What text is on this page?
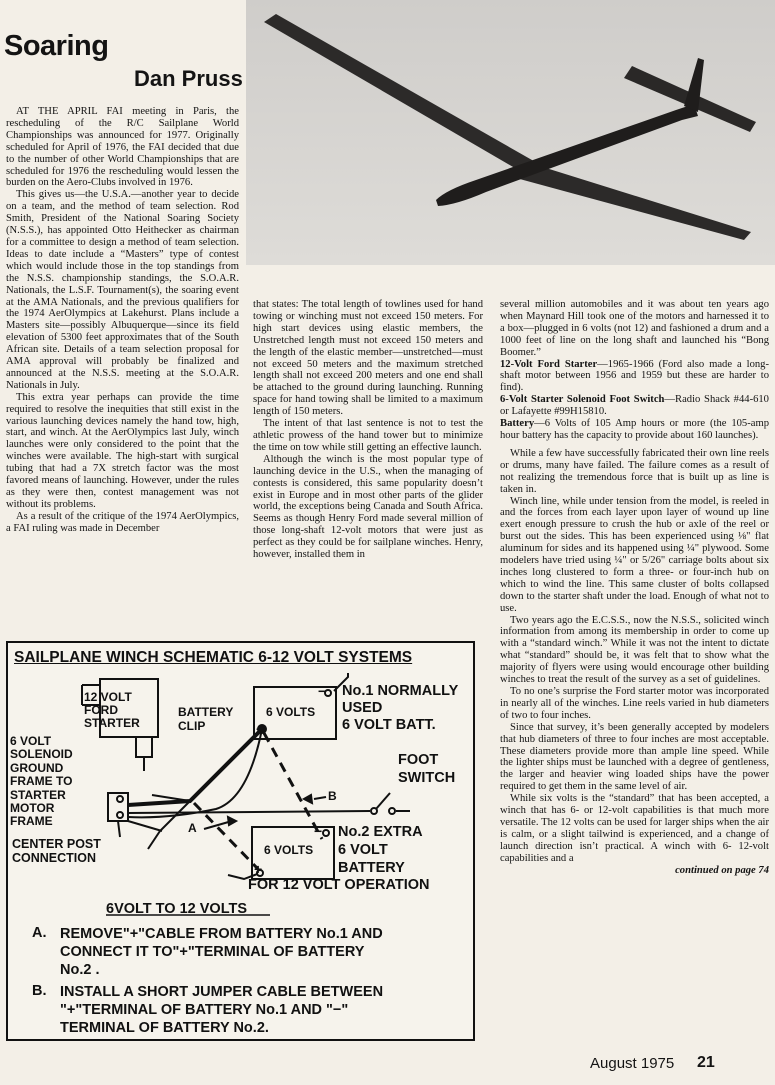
Soaring
Dan Pruss

AT THE APRIL FAI meeting in Paris, the rescheduling of the R/C Sailplane World Championships was announced for 1977. Originally scheduled for April of 1976, the FAI decided that due to the number of other World Championships that are scheduled for 1976 the rescheduling would lessen the burden on the Aero-Clubs involved in 1976.

This gives us—the U.S.A.—another year to decide on a team, and the method of team selection. Rod Smith, President of the National Soaring Society (N.S.S.), has appointed Otto Heithecker as chairman for a committee to design a method of team selection. Ideas to date include a “Masters” type of contest which would include those in the top standings from the N.S.S. championship standings, the S.O.A.R. Nationals, the L.S.F. Tournament(s), the soaring event at the AMA Nationals, and the previous qualifiers for the 1974 AerOlympics at Lakehurst. Plans include a Masters site—possibly Albuquerque—since its field elevation of 5300 feet approximates that of the South African site. Details of a team selection proposal for AMA approval will probably be finalized and announced at the N.S.S. meeting at the S.O.A.R. Nationals in July.

This extra year perhaps can provide the time required to resolve the inequities that still exist in the various launching devices namely the hand tow, high, start, and winch. At the AerOlympics last July, winch launches were only considered to the point that the winches were available. The high-start with surgical tubing that had a 7X stretch factor was the most favored means of launching. However, under the rules as they were then, contest management was not without its problems.

As a result of the critique of the 1974 AerOlympics, a FAI ruling was made in December

that states: The total length of towlines used for hand towing or winching must not exceed 150 meters. For high start devices using elastic members, the Unstretched length must not exceed 150 meters and the length of the elastic member—unstretched—must not exceed 50 meters and the maximum stretched length shall not exceed 200 meters and one end shall be attached to the ground during launching. Running space for hand towing shall be limited to a maximum length of 150 meters.

The intent of that last sentence is not to test the athletic prowess of the hand tower but to minimize the time on tow while still getting an effective launch.

Although the winch is the most popular type of launching device in the U.S., when the managing of contests is considered, this same popularity doesn’t exist in Europe and in most other parts of the glider world, the exceptions being Canada and South Africa. Seems as though Henry Ford made several million of those long-shaft 12-volt motors that were just as perfect as they could be for sailplane winches. Henry, however, installed them in

several million automobiles and it was about ten years ago when Maynard Hill took one of the motors and harnessed it to a box—plugged in 6 volts (not 12) and fashioned a drum and a 1000 feet of line on the long shaft and launched his “Bong Boomer.”

12-Volt Ford Starter—1965-1966 (Ford also made a long-shaft motor between 1956 and 1959 but these are harder to find).

6-Volt Starter Solenoid Foot Switch—Radio Shack #44-610 or Lafayette #99H15810.

Battery—6 Volts of 105 Amp hours or more (the 105-amp hour battery has the capacity to provide about 160 launches).

While a few have successfully fabricated their own line reels or drums, many have failed. The failure comes as a result of not realizing the tremendous force that is built up as line is taken in.

Winch line, while under tension from the model, is reeled in and the forces from each layer upon layer of wound up line exert enough pressure to crush the hub or axle of the reel or burst out the sides. This has been experienced using ⅛" flat aluminum for sides and its happened using ¼" plywood. Some modelers have tried using ¼" or 5/26" carriage bolts about six inches long clustered to form a three- or four-inch hub on which to wind the line. This same cluster of bolts collapsed down to the starter shaft under the load. Enough of what not to use.

Two years ago the E.C.S.S., now the N.S.S., solicited winch information from among its membership in order to come up with a “standard winch.” While it was not the intent to dictate what “standard” should be, it was felt that to show what the majority of flyers were using would encourage other building winches to treat the result of the survey as a set of guidelines.

To no one’s surprise the Ford starter motor was incorporated in nearly all of the winches. Line reels varied in hub diameters of two to four inches.

Since that survey, it’s been generally accepted by modelers that hub diameters of three to four inches are most acceptable. These diameters provide more than ample line speed. While the lighter ships must be launched with a degree of gentleness, the larger and heavier wing loaded ships have the power required to get them in the same level of air.

While six volts is the “standard” that has been accepted, a winch that has 6- or 12-volt capabilities is that much more versatile. The 12 volts can be used for larger ships when the air is calm, or a slight tailwind is experienced, and a change of launch direction isn’t practical. A winch with 6- 12-volt capabilities and a

continued on page 74

SAILPLANE WINCH SCHEMATIC 6-12 VOLT SYSTEMS
12 VOLT
FORD
STARTER
BATTERY
CLIP
6 VOLTS
−
+
6 VOLTS
−
+
No.1 NORMALLY
USED
6 VOLT BATT.
6 VOLT
SOLENOID
GROUND
FRAME TO
STARTER
MOTOR
FRAME
FOOT
SWITCH
A
B
CENTER POST
CONNECTION
No.2 EXTRA
6 VOLT
BATTERY
FOR 12 VOLT OPERATION
6VOLT TO 12 VOLTS
A. REMOVE"+"CABLE FROM BATTERY No.1 AND
CONNECT IT TO"+"TERMINAL OF BATTERY
No.2 .
B. INSTALL A SHORT JUMPER CABLE BETWEEN
"+"TERMINAL OF BATTERY No.1 AND "−"
TERMINAL OF BATTERY No.2.
August 1975 21
